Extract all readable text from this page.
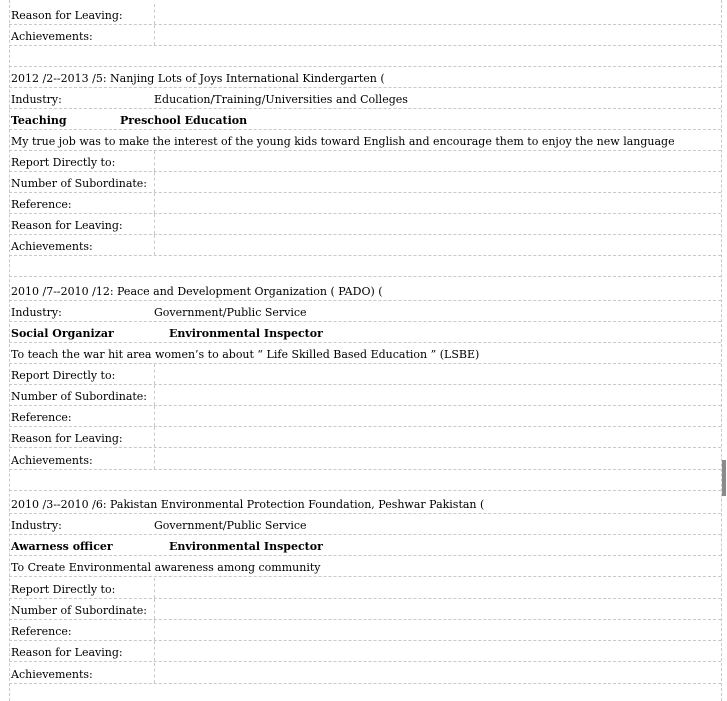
Reason for Leaving:
Achievements:
2012 /2--2013 /5: Nanjing Lots of Joys International Kindergarten (
Industry:	Education/Training/Universities and Colleges
Teaching	Preschool Education
My true job was to make the interest of the young kids toward English and encourage them to enjoy the new language
Report Directly to:
Number of Subordinate:
Reference:
Reason for Leaving:
Achievements:
2010 /7--2010 /12: Peace and Development Organization ( PADO) (
Industry:	Government/Public Service
Social Organizar	Environmental Inspector
To teach the war hit area women’s to about “ Life Skilled Based Education ” (LSBE)
Report Directly to:
Number of Subordinate:
Reference:
Reason for Leaving:
Achievements:
2010 /3--2010 /6: Pakistan Environmental Protection Foundation, Peshwar Pakistan (
Industry:	Government/Public Service
Awarness officer	Environmental Inspector
To Create Environmental awareness among community
Report Directly to:
Number of Subordinate:
Reference:
Reason for Leaving:
Achievements:
